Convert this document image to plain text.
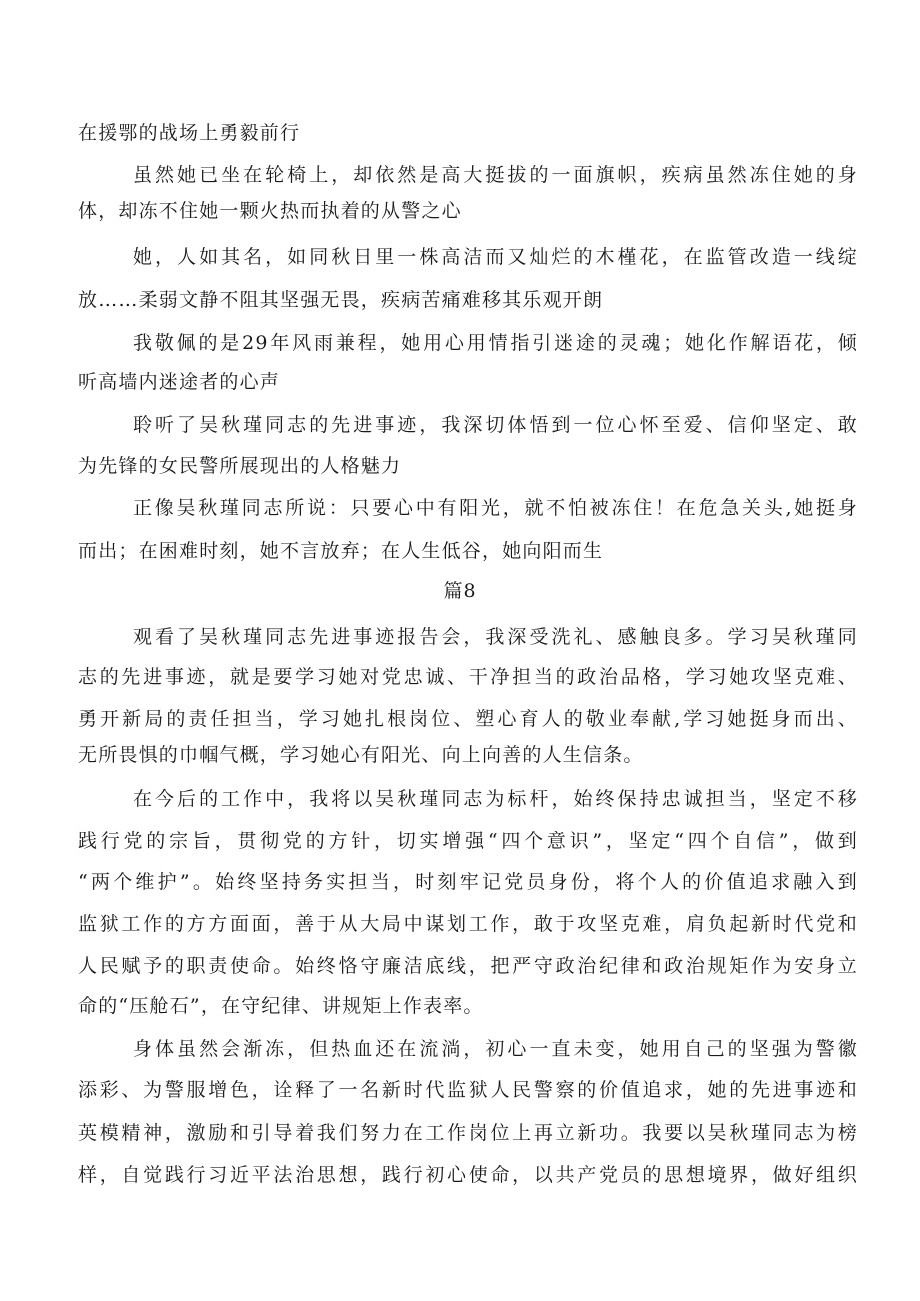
在援鄂的战场上勇毅前行
虽然她已坐在轮椅上，却依然是高大挺拔的一面旗帜，疾病虽然冻住她的身
体，却冻不住她一颗火热而执着的从警之心
她，人如其名，如同秋日里一株高洁而又灿烂的木槿花，在监管改造一线绽
放……柔弱文静不阻其坚强无畏，疾病苦痛难移其乐观开朗
我敬佩的是29年风雨兼程，她用心用情指引迷途的灵魂；她化作解语花，倾
听高墙内迷途者的心声
聆听了吴秋瑾同志的先进事迹，我深切体悟到一位心怀至爱、信仰坚定、敢
为先锋的女民警所展现出的人格魅力
正像吴秋瑾同志所说：只要心中有阳光，就不怕被冻住！在危急关头,她挺身
而出；在困难时刻，她不言放弃；在人生低谷，她向阳而生
篇8
观看了吴秋瑾同志先进事迹报告会，我深受洗礼、感触良多。学习吴秋瑾同
志的先进事迹，就是要学习她对党忠诚、干净担当的政治品格，学习她攻坚克难、
勇开新局的责任担当，学习她扎根岗位、塑心育人的敬业奉献,学习她挺身而出、
无所畏惧的巾帼气概，学习她心有阳光、向上向善的人生信条。
在今后的工作中，我将以吴秋瑾同志为标杆，始终保持忠诚担当，坚定不移
践行党的宗旨，贯彻党的方针，切实增强“四个意识”，坚定“四个自信”，做到
“两个维护”。始终坚持务实担当，时刻牢记党员身份，将个人的价值追求融入到
监狱工作的方方面面，善于从大局中谋划工作，敢于攻坚克难，肩负起新时代党和
人民赋予的职责使命。始终恪守廉洁底线，把严守政治纪律和政治规矩作为安身立
命的“压舱石”，在守纪律、讲规矩上作表率。
身体虽然会渐冻，但热血还在流淌，初心一直未变，她用自己的坚强为警徽
添彩、为警服增色，诠释了一名新时代监狱人民警察的价值追求，她的先进事迹和
英模精神，激励和引导着我们努力在工作岗位上再立新功。我要以吴秋瑾同志为榜
样，自觉践行习近平法治思想，践行初心使命，以共产党员的思想境界，做好组织
